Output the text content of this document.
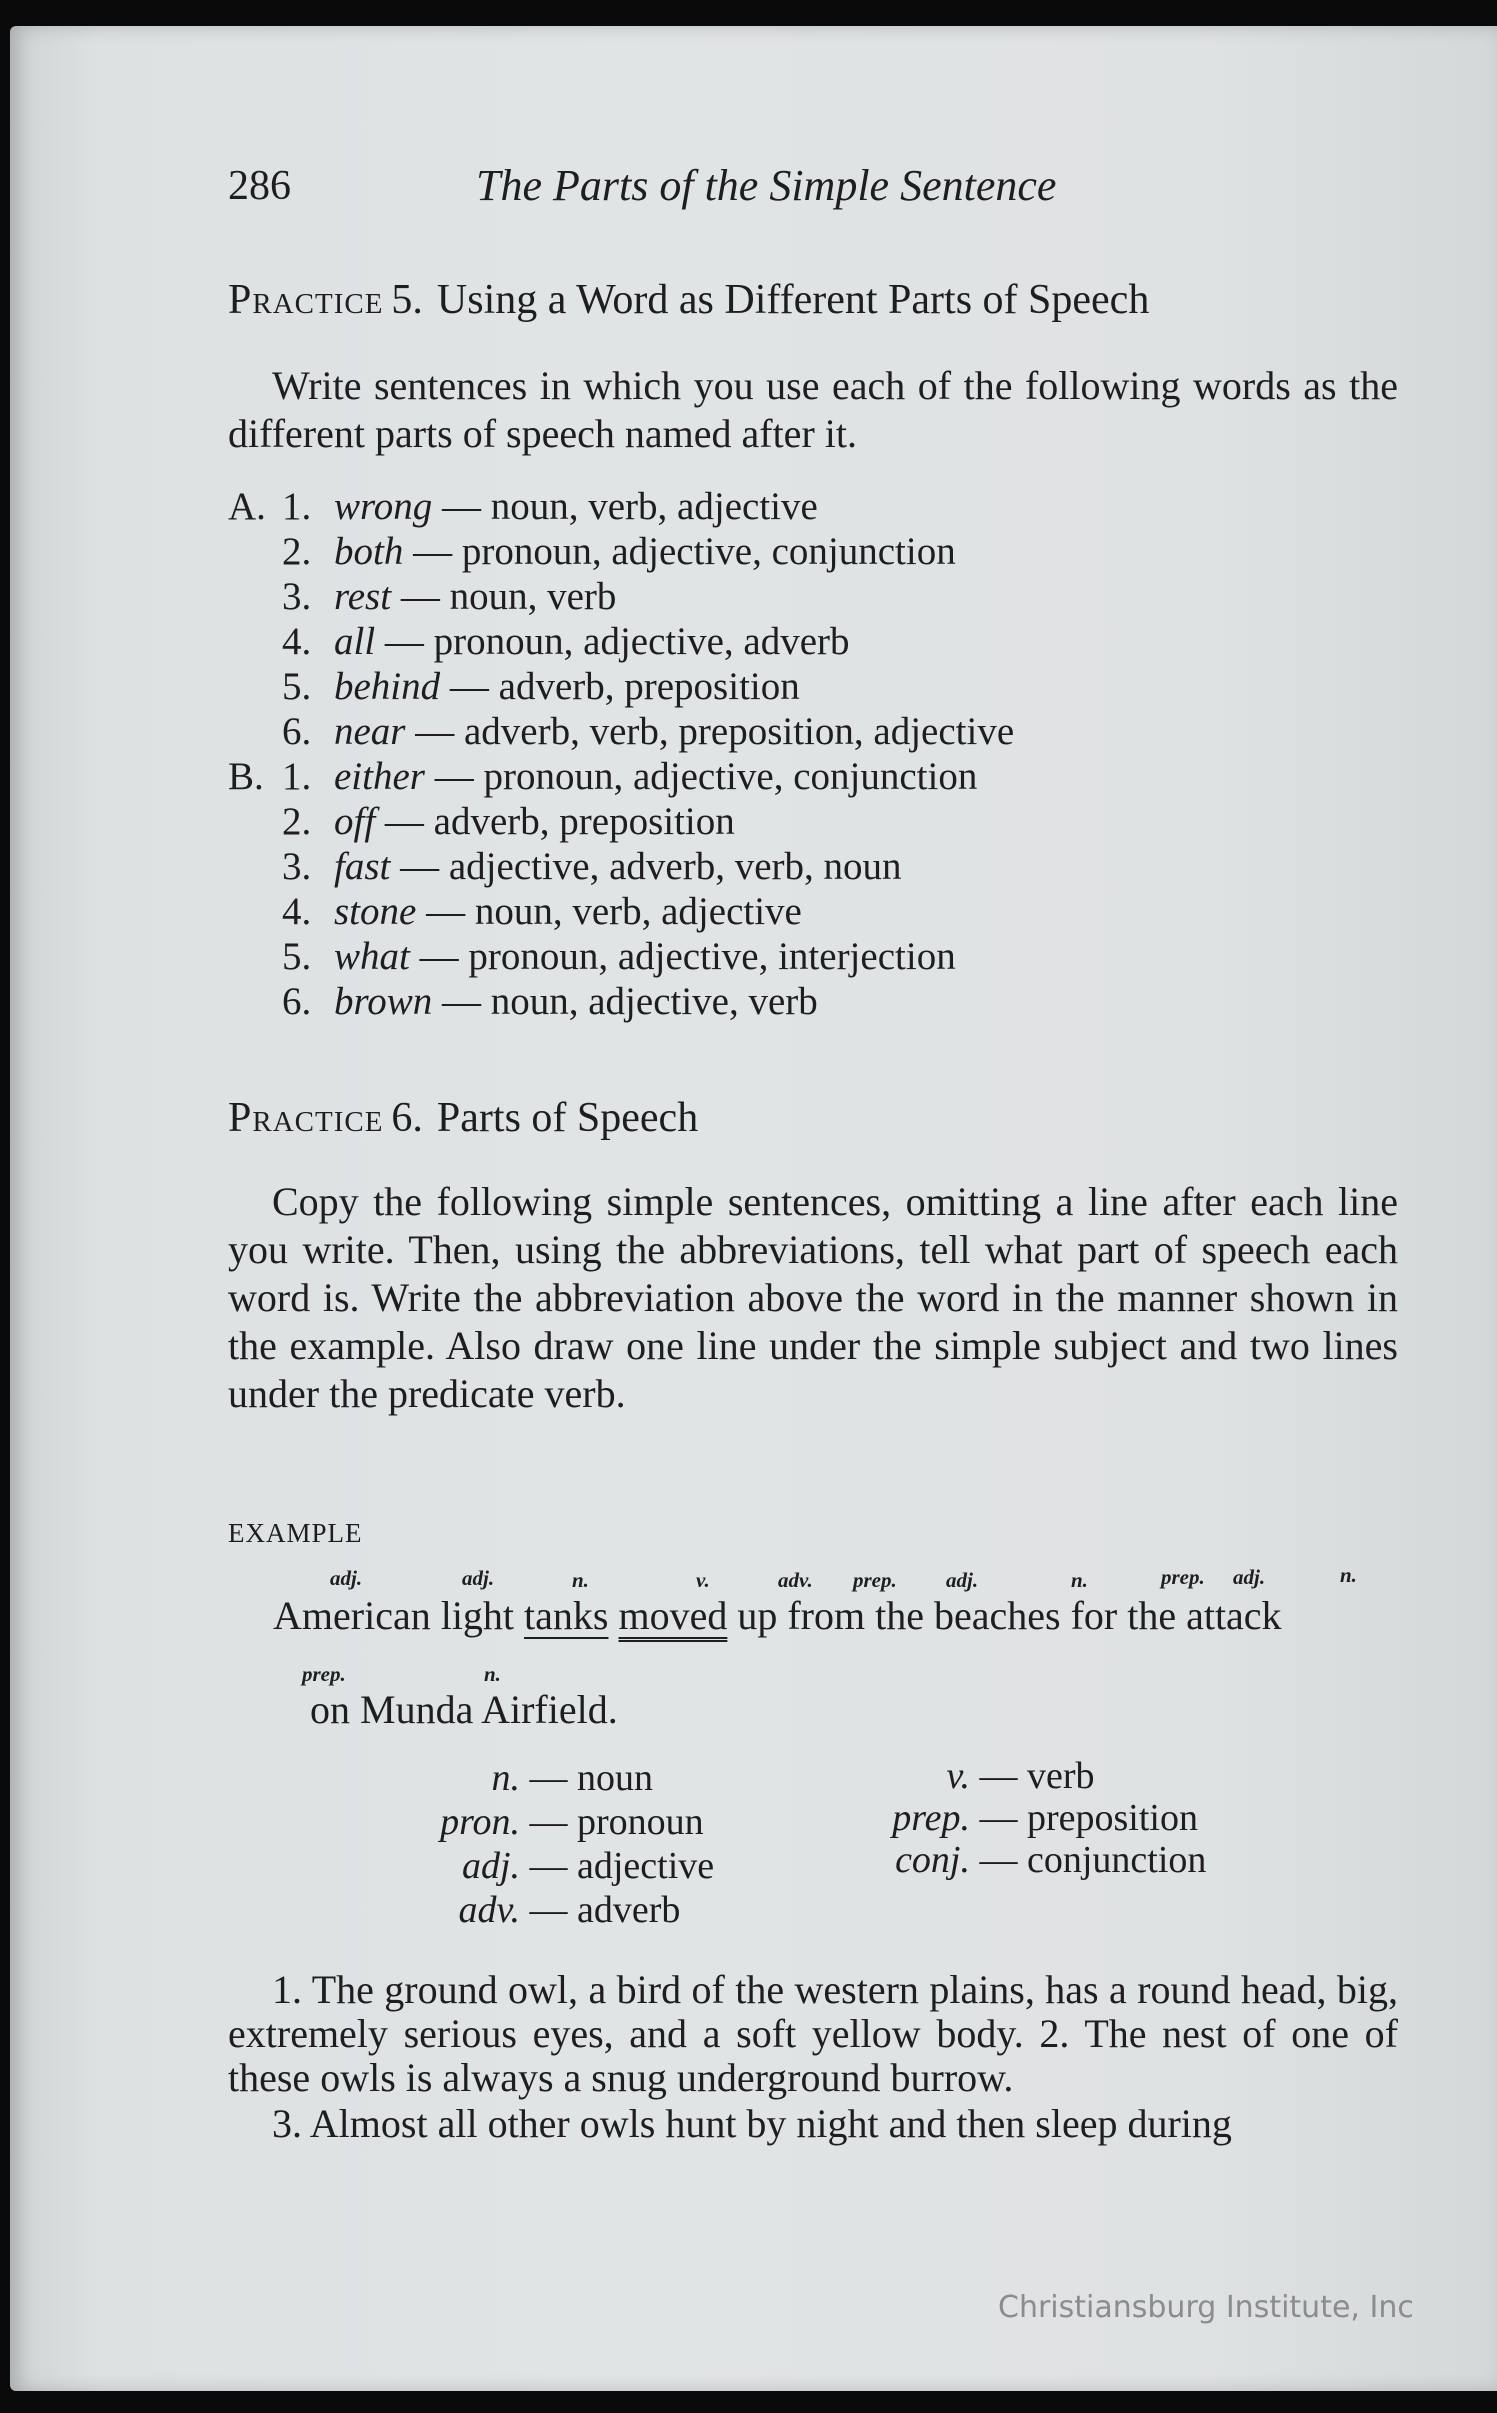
286	The Parts of the Simple Sentence
Practice 5. Using a Word as Different Parts of Speech
Write sentences in which you use each of the following words as the different parts of speech named after it.
A. 1. wrong — noun, verb, adjective
2. both — pronoun, adjective, conjunction
3. rest — noun, verb
4. all — pronoun, adjective, adverb
5. behind — adverb, preposition
6. near — adverb, verb, preposition, adjective
B. 1. either — pronoun, adjective, conjunction
2. off — adverb, preposition
3. fast — adjective, adverb, verb, noun
4. stone — noun, verb, adjective
5. what — pronoun, adjective, interjection
6. brown — noun, adjective, verb
Practice 6. Parts of Speech
Copy the following simple sentences, omitting a line after each line you write. Then, using the abbreviations, tell what part of speech each word is. Write the abbreviation above the word in the manner shown in the example. Also draw one line under the simple subject and two lines under the predicate verb.
EXAMPLE
adj.	adj.	n.	v.	adv. prep. adj.	n.	prep. adj.	n.
American light tanks moved up from the beaches for the attack
prep.	n.
on Munda Airfield.
n. — noun
pron. — pronoun
adj. — adjective
adv. — adverb
v. — verb
prep. — preposition
conj. — conjunction
1. The ground owl, a bird of the western plains, has a round head, big, extremely serious eyes, and a soft yellow body. 2. The nest of one of these owls is always a snug underground burrow.
3. Almost all other owls hunt by night and then sleep during
Christiansburg Institute, Inc
